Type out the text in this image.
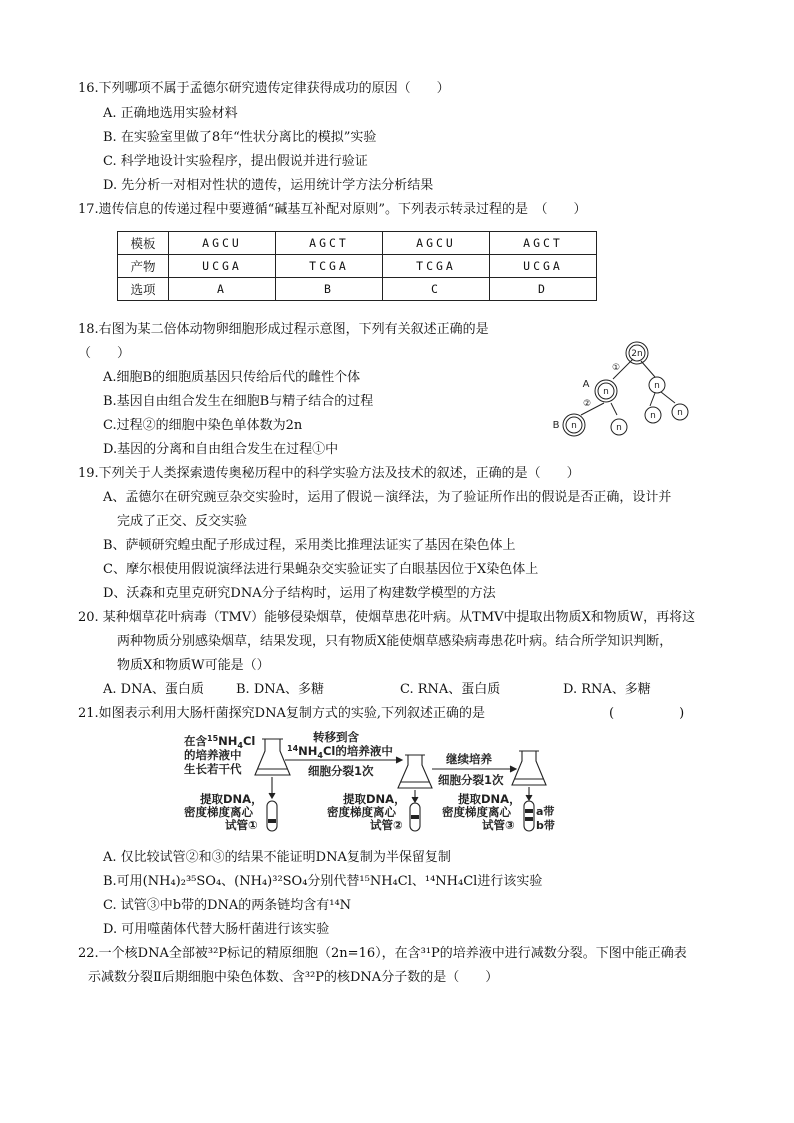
16.下列哪项不属于孟德尔研究遗传定律获得成功的原因（　　）
A. 正确地选用实验材料
B. 在实验室里做了8年“性状分离比的模拟”实验
C. 科学地设计实验程序，提出假说并进行验证
D. 先分析一对相对性状的遗传，运用统计学方法分析结果
17.遗传信息的传递过程中要遵循“碱基互补配对原则”。下列表示转录过程的是　（　　）
模板	AGCU	AGCT	AGCU	AGCT
产物	UCGA	TCGA	TCGA	UCGA
选项	A	B	C	D
18.右图为某二倍体动物卵细胞形成过程示意图，下列有关叙述正确的是
（　　）
A.细胞B的细胞质基因只传给后代的雌性个体
B.基因自由组合发生在细胞B与精子结合的过程
C.过程②的细胞中染色单体数为2n
D.基因的分离和自由组合发生在过程①中
2n
n
n
n	n
n n
①
②
A
B
19.下列关于人类探索遗传奥秘历程中的科学实验方法及技术的叙述，正确的是（　　）
A、孟德尔在研究豌豆杂交实验时，运用了假说－演绎法，为了验证所作出的假说是否正确，设计并
完成了正交、反交实验
B、萨顿研究蝗虫配子形成过程，采用类比推理法证实了基因在染色体上
C、摩尔根使用假说演绎法进行果蝇杂交实验证实了白眼基因位于X染色体上
D、沃森和克里克研究DNA分子结构时，运用了构建数学模型的方法
20. 某种烟草花叶病毒（TMV）能够侵染烟草，使烟草患花叶病。从TMV中提取出物质X和物质W，再将这
两种物质分别感染烟草，结果发现，只有物质X能使烟草感染病毒患花叶病。结合所学知识判断，
物质X和物质W可能是（）
A. DNA、蛋白质 B. DNA、多糖	C. RNA、蛋白质	D. RNA、多糖
21.如图表示利用大肠杆菌探究DNA复制方式的实验,下列叙述正确的是	(　　　　　)
在含$^{15}NH_4Cl$
的培养液中
生长若干代
转移到含
$^{14}NH_4Cl$的培养液中
细胞分裂1次
继续培养
细胞分裂1次
提取DNA，
密度梯度离心
试管①
提取DNA，
密度梯度离心
试管②
提取DNA，
密度梯度离心
试管③
a带
b带
A. 仅比较试管②和③的结果不能证明DNA复制为半保留复制
B.可用(NH₄)₂³⁵SO₄、(NH₄)³²SO₄分别代替¹⁵NH₄Cl、¹⁴NH₄Cl进行该实验
C. 试管③中b带的DNA的两条链均含有¹⁴N
D. 可用噬菌体代替大肠杆菌进行该实验
22.一个核DNA全部被³²P标记的精原细胞（2n=16），在含³¹P的培养液中进行减数分裂。下图中能正确表
示减数分裂Ⅱ后期细胞中染色体数、含³²P的核DNA分子数的是（　　）
